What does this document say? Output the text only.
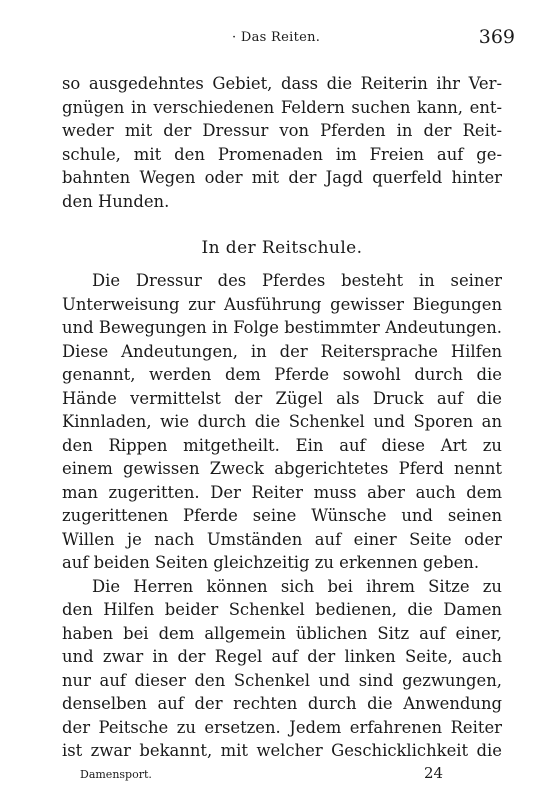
· Das Reiten.	369
so ausgedehntes Gebiet, dass die Reiterin ihr Ver-
gnügen in verschiedenen Feldern suchen kann, ent-
weder mit der Dressur von Pferden in der Reit-
schule, mit den Promenaden im Freien auf ge-
bahnten Wegen oder mit der Jagd querfeld hinter
den Hunden.
In der Reitschule.
Die Dressur des Pferdes besteht in seiner
Unterweisung zur Ausführung gewisser Biegungen
und Bewegungen in Folge bestimmter Andeutungen.
Diese Andeutungen, in der Reitersprache Hilfen
genannt, werden dem Pferde sowohl durch die
Hände vermittelst der Zügel als Druck auf die
Kinnladen, wie durch die Schenkel und Sporen an
den Rippen mitgetheilt. Ein auf diese Art zu
einem gewissen Zweck abgerichtetes Pferd nennt
man zugeritten. Der Reiter muss aber auch dem
zugerittenen Pferde seine Wünsche und seinen
Willen je nach Umständen auf einer Seite oder
auf beiden Seiten gleichzeitig zu erkennen geben.
Die Herren können sich bei ihrem Sitze zu
den Hilfen beider Schenkel bedienen, die Damen
haben bei dem allgemein üblichen Sitz auf einer,
und zwar in der Regel auf der linken Seite, auch
nur auf dieser den Schenkel und sind gezwungen,
denselben auf der rechten durch die Anwendung
der Peitsche zu ersetzen. Jedem erfahrenen Reiter
ist zwar bekannt, mit welcher Geschicklichkeit die
Damensport.	24
